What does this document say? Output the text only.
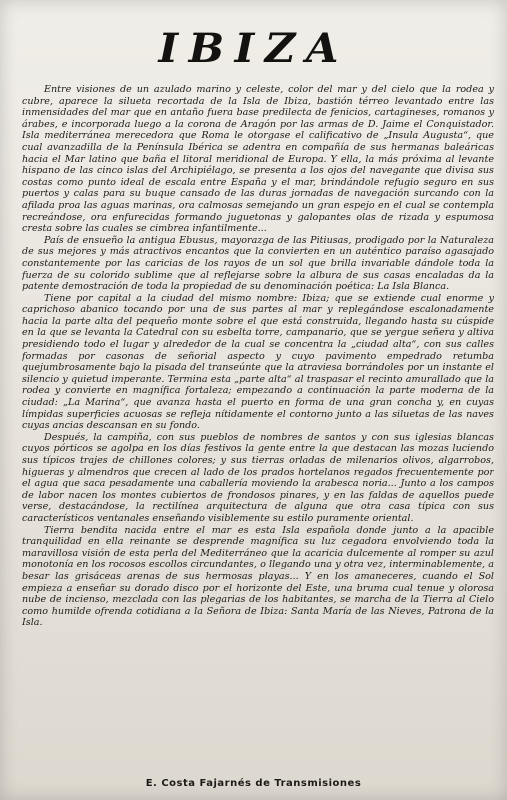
IBIZA

Entre visiones de un azulado marino y celeste, color del mar y del cielo que la rodea y cubre, aparece la silueta recortada de la Isla de Ibiza, bastión térreo levantado entre las inmensidades del mar que en antaño fuera base predilecta de fenicios, cartagineses, romanos y árabes, e incorporada luego a la corona de Aragón por las armas de D. Jaime el Conquistador. Isla mediterránea merecedora que Roma le otorgase el calificativo de „Insula Augusta“, que cual avanzadilla de la Península Ibérica se adentra en compañía de sus hermanas baleáricas hacia el Mar latino que baña el litoral meridional de Europa. Y ella, la más próxima al levante hispano de las cinco islas del Archipiélago, se presenta a los ojos del navegante que divisa sus costas como punto ideal de escala entre España y el mar, brindándole refugio seguro en sus puertos y calas para su buque cansado de las duras jornadas de navegación surcando con la afilada proa las aguas marinas, ora calmosas semejando un gran espejo en el cual se contempla recreándose, ora enfurecidas formando juguetonas y galopantes olas de rizada y espumosa cresta sobre las cuales se cimbrea infantilmente...

País de ensueño la antigua Ebusus, mayorazga de las Pitiusas, prodigado por la Naturaleza de sus mejores y más atractivos encantos que la convierten en un auténtico paraíso agasajado constantemente por las caricias de los rayos de un sol que brilla invariable dándole toda la fuerza de su colorido sublime que al reflejarse sobre la albura de sus casas encaladas da la patente demostración de toda la propiedad de su denominación poética: La Isla Blanca.

Tiene por capital a la ciudad del mismo nombre: Ibiza; que se extiende cual enorme y caprichoso abanico tocando por una de sus partes al mar y replegándose escalonadamente hacia la parte alta del pequeño monte sobre el que está construida, llegando hasta su cúspide en la que se levanta la Catedral con su esbelta torre, campanario, que se yergue señera y altiva presidiendo todo el lugar y alrededor de la cual se concentra la „ciudad alta“, con sus calles formadas por casonas de señorial aspecto y cuyo pavimento empedrado retumba quejumbrosamente bajo la pisada del transeúnte que la atraviesa borrándoles por un instante el silencio y quietud imperante. Termina esta „parte alta“ al traspasar el recinto amurallado que la rodea y convierte en magnífica fortaleza; empezando a continuación la parte moderna de la ciudad: „La Marina“, que avanza hasta el puerto en forma de una gran concha y, en cuyas límpidas superficies acuosas se refleja nítidamente el contorno junto a las siluetas de las naves cuyas ancias descansan en su fondo.

Después, la campiña, con sus pueblos de nombres de santos y con sus iglesias blancas cuyos pórticos se agolpa en los días festivos la gente entre la que destacan las mozas luciendo sus típicos trajes de chillones colores; y sus tierras orladas de milenarios olivos, algarrobos, higueras y almendros que crecen al lado de los prados hortelanos regados frecuentemente por el agua que saca pesadamente una caballería moviendo la arabesca noria... Junto a los campos de labor nacen los montes cubiertos de frondosos pinares, y en las faldas de aquellos puede verse, destacándose, la rectilínea arquitectura de alguna que otra casa típica con sus característicos ventanales enseñando visiblemente su estilo puramente oriental.

Tierra bendita nacida entre el mar es esta Isla española donde junto a la apacible tranquilidad en ella reinante se desprende magnífica su luz cegadora envolviendo toda la maravillosa visión de esta perla del Mediterráneo que la acaricia dulcemente al romper su azul monotonía en los rocosos escollos circundantes, o llegando una y otra vez, interminablemente, a besar las grisáceas arenas de sus hermosas playas... Y en los amaneceres, cuando el Sol empieza a enseñar su dorado disco por el horizonte del Este, una bruma cual tenue y olorosa nube de incienso, mezclada con las plegarias de los habitantes, se marcha de la Tierra al Cielo como humilde ofrenda cotidiana a la Señora de Ibiza: Santa María de las Nieves, Patrona de la Isla.

E. Costa Fajarnés de Transmisiones
